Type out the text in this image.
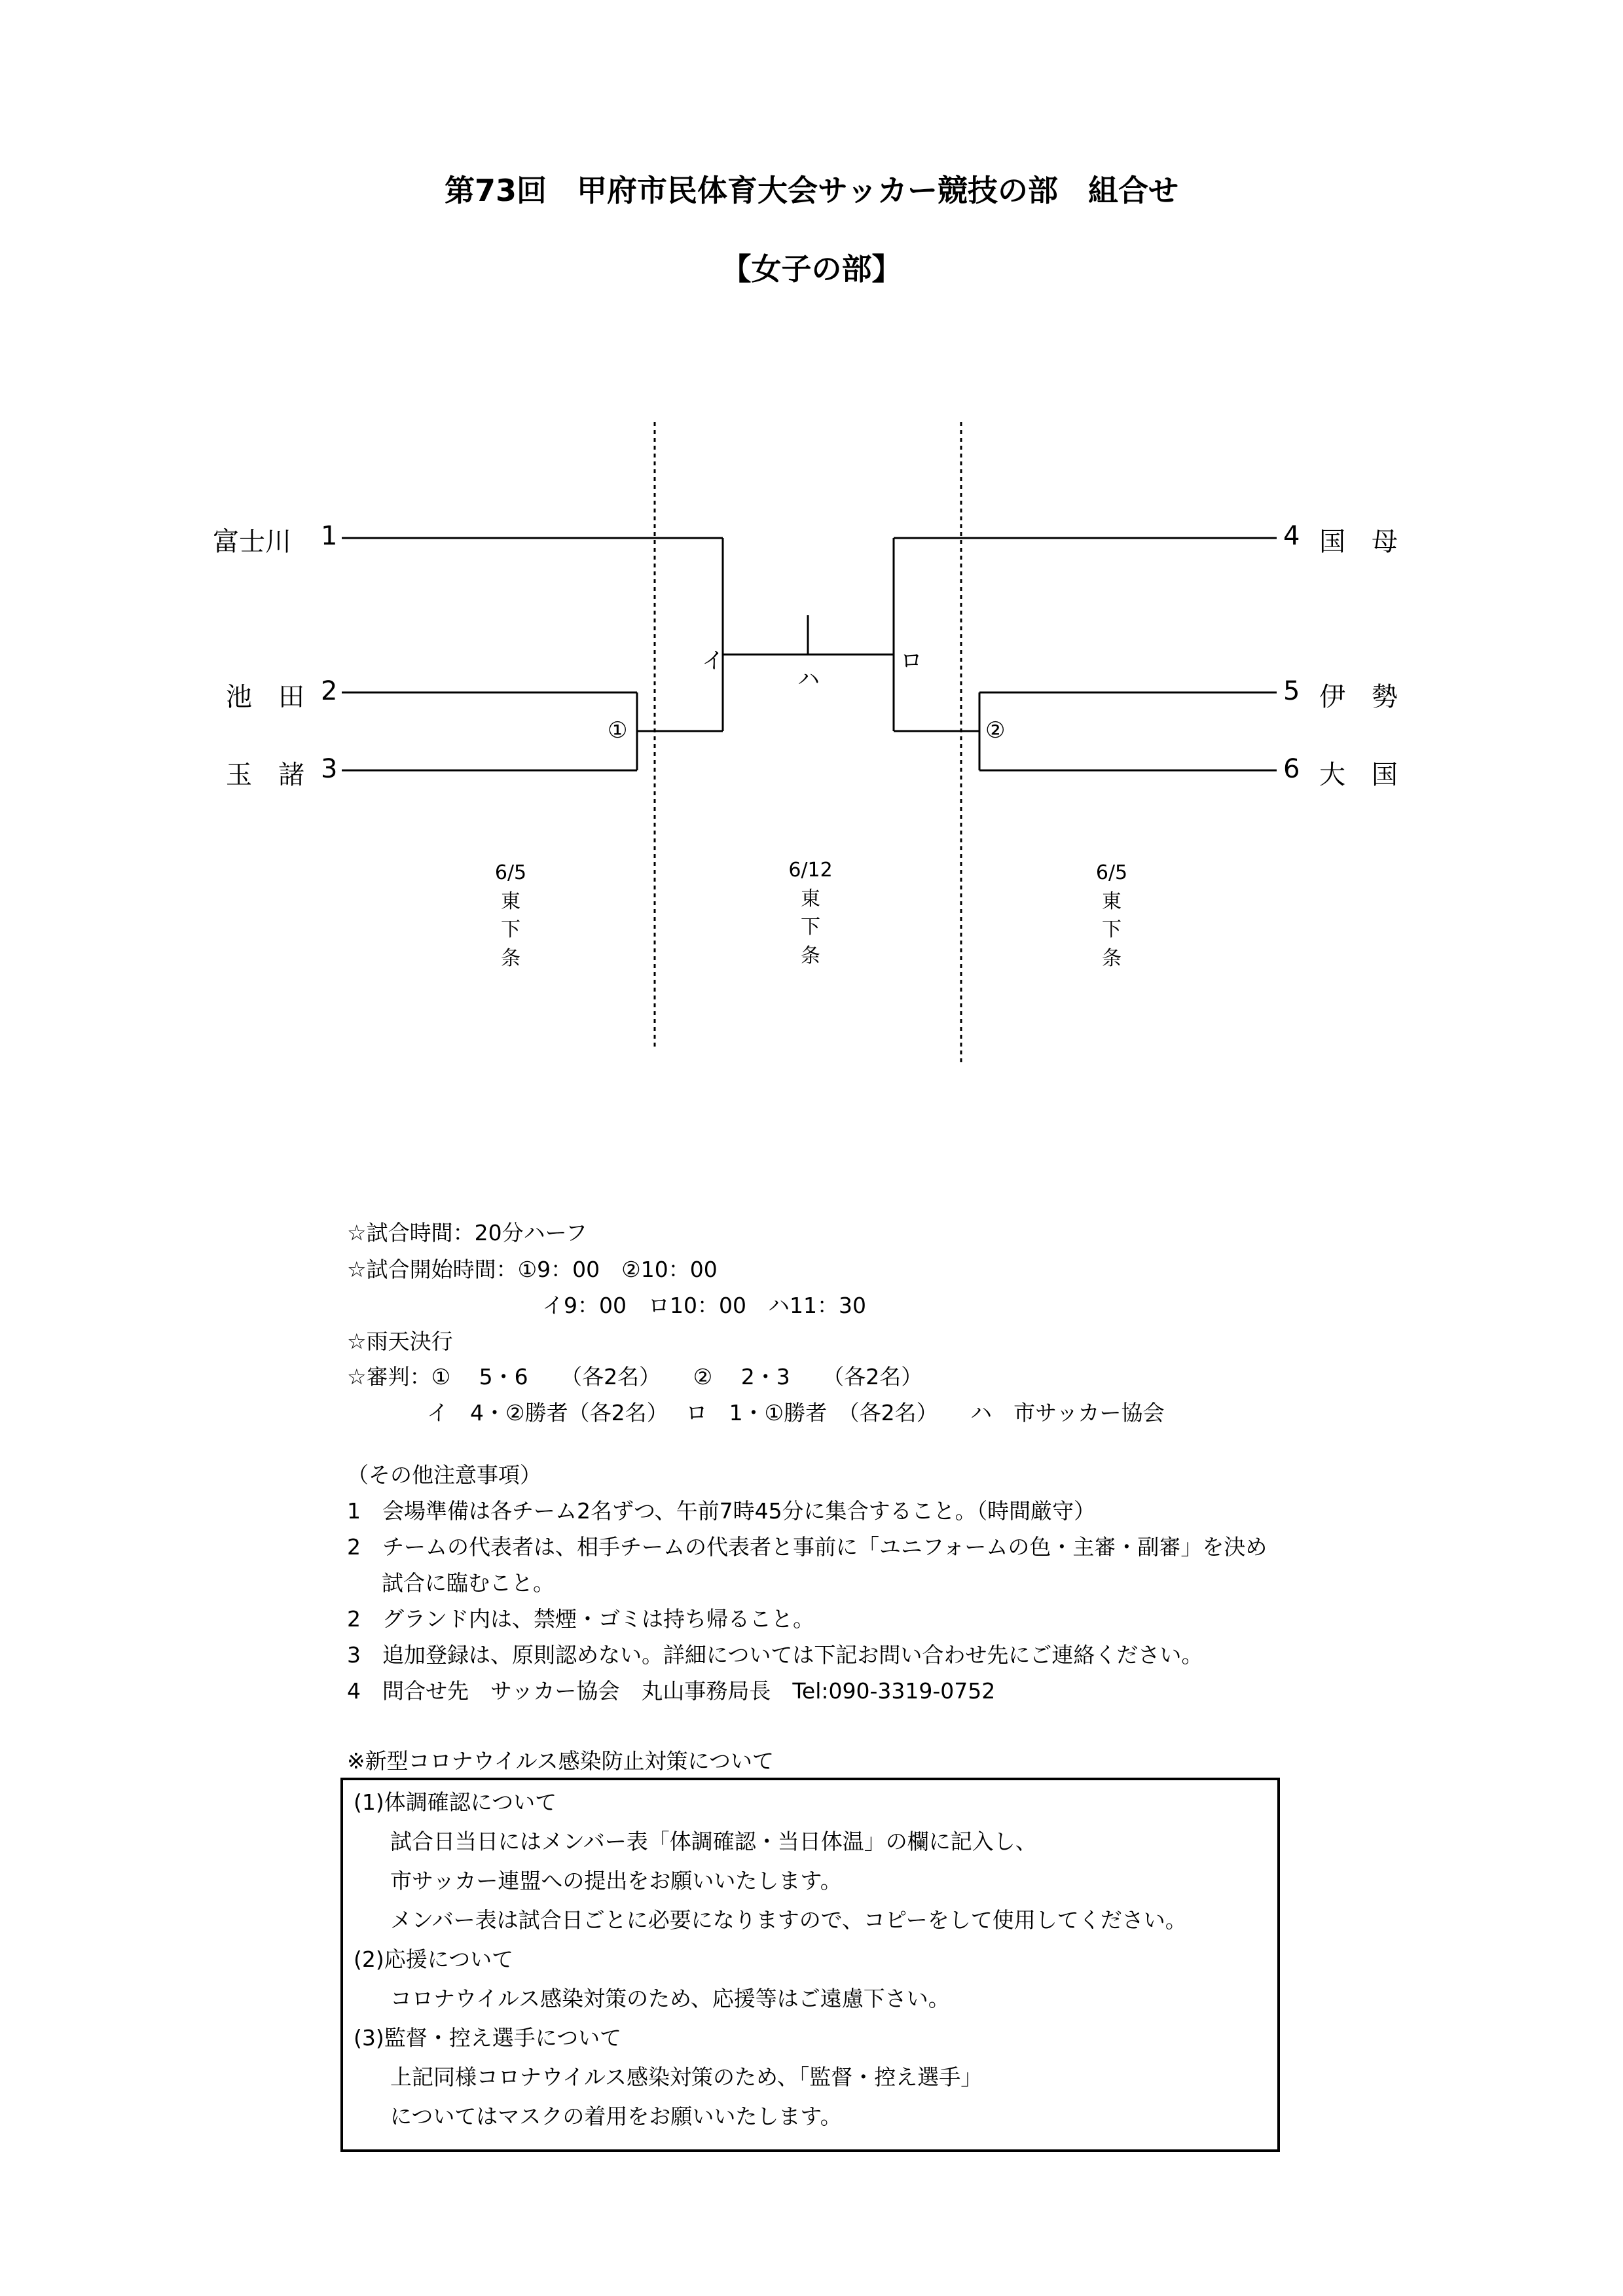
第73回　甲府市民体育大会サッカー競技の部　組合せ
【女子の部】
富士川 1
池　田 2
玉　諸 3
4 国　母
5 伊　勢
6 大　国
①	②
イ	ロ
ハ
6/5
東
下
条
6/12
東
下
条
6/5
東
下
条
☆試合時間：20分ハーフ
☆試合開始時間：①9：00　②10：00
イ9：00　ロ10：00　ハ11：30
☆雨天決行
☆審判：①　 5・6　　（各2名）　　②　 2・3　　（各2名）
イ　4・②勝者（各2名）　 ロ　1・①勝者　（各2名）　　ハ　市サッカー協会
（その他注意事項）
1　会場準備は各チーム2名ずつ、午前7時45分に集合すること。（時間厳守）
2　チームの代表者は、相手チームの代表者と事前に「ユニフォームの色・主審・副審」を決め
試合に臨むこと。
2　グランド内は、禁煙・ゴミは持ち帰ること。
3　追加登録は、原則認めない。詳細については下記お問い合わせ先にご連絡ください。
4　問合せ先　サッカー協会　丸山事務局長　Tel:090-3319-0752
※新型コロナウイルス感染防止対策について
(1)体調確認について
試合日当日にはメンバー表「体調確認・当日体温」の欄に記入し、
市サッカー連盟への提出をお願いいたします。
メンバー表は試合日ごとに必要になりますので、コピーをして使用してください。
(2)応援について
コロナウイルス感染対策のため、応援等はご遠慮下さい。
(3)監督・控え選手について
上記同様コロナウイルス感染対策のため、「監督・控え選手」
についてはマスクの着用をお願いいたします。
